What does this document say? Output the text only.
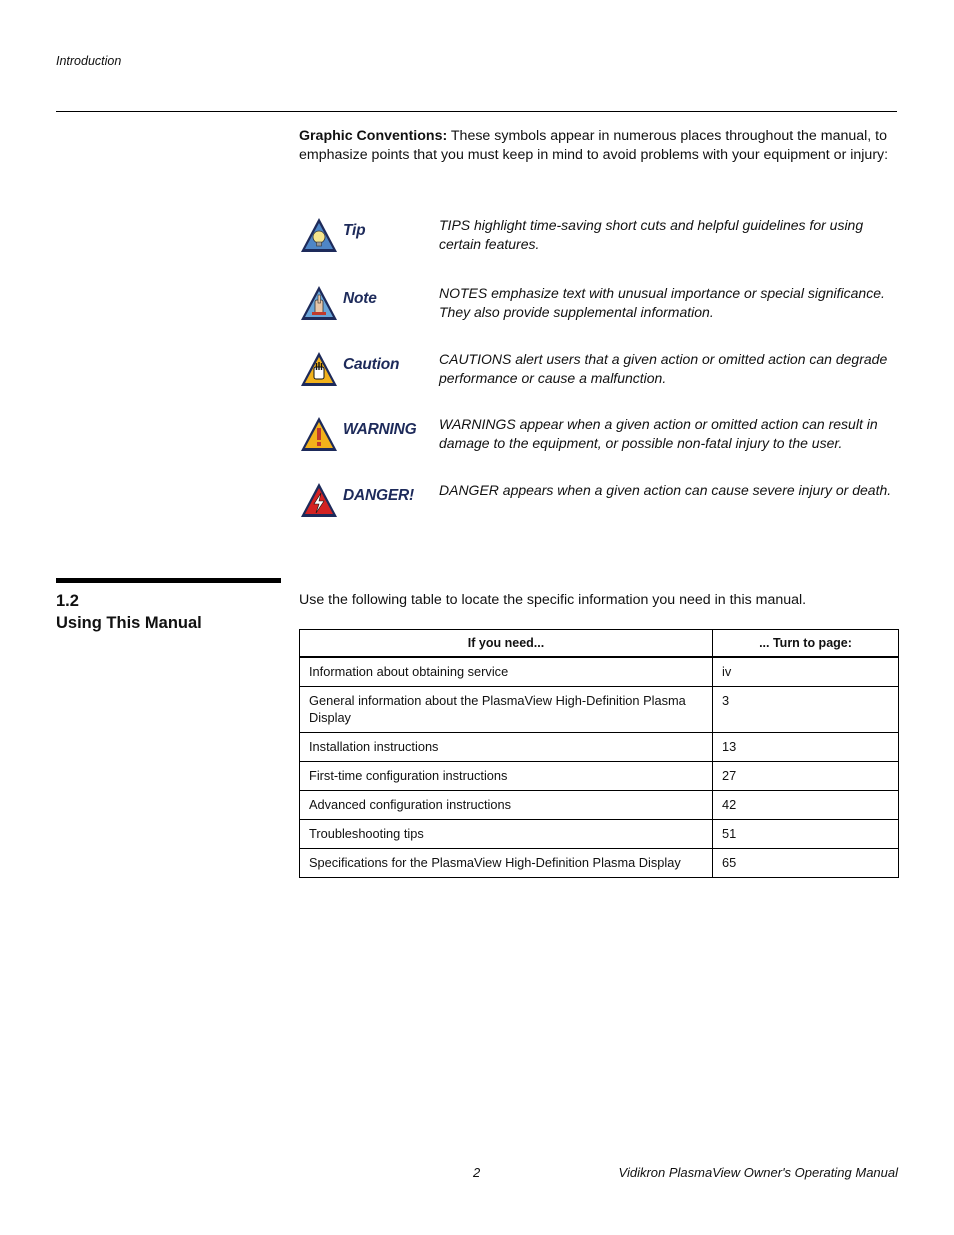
Introduction
Graphic Conventions: These symbols appear in numerous places throughout the manual, to emphasize points that you must keep in mind to avoid problems with your equipment or injury:
Tip	TIPS highlight time-saving short cuts and helpful guidelines for using certain features.
Note	NOTES emphasize text with unusual importance or special significance. They also provide supplemental information.
Caution	CAUTIONS alert users that a given action or omitted action can degrade performance or cause a malfunction.
WARNING WARNINGS appear when a given action or omitted action can result in damage to the equipment, or possible non-fatal injury to the user.
DANGER! DANGER appears when a given action can cause severe injury or death.
1.2
Using This Manual
Use the following table to locate the specific information you need in this manual.
If you need...	... Turn to page:
Information about obtaining service	iv
General information about the PlasmaView High-Definition Plasma Display	3
Installation instructions	13
First-time configuration instructions	27
Advanced configuration instructions	42
Troubleshooting tips	51
Specifications for the PlasmaView High-Definition Plasma Display	65
2	Vidikron PlasmaView Owner's Operating Manual
